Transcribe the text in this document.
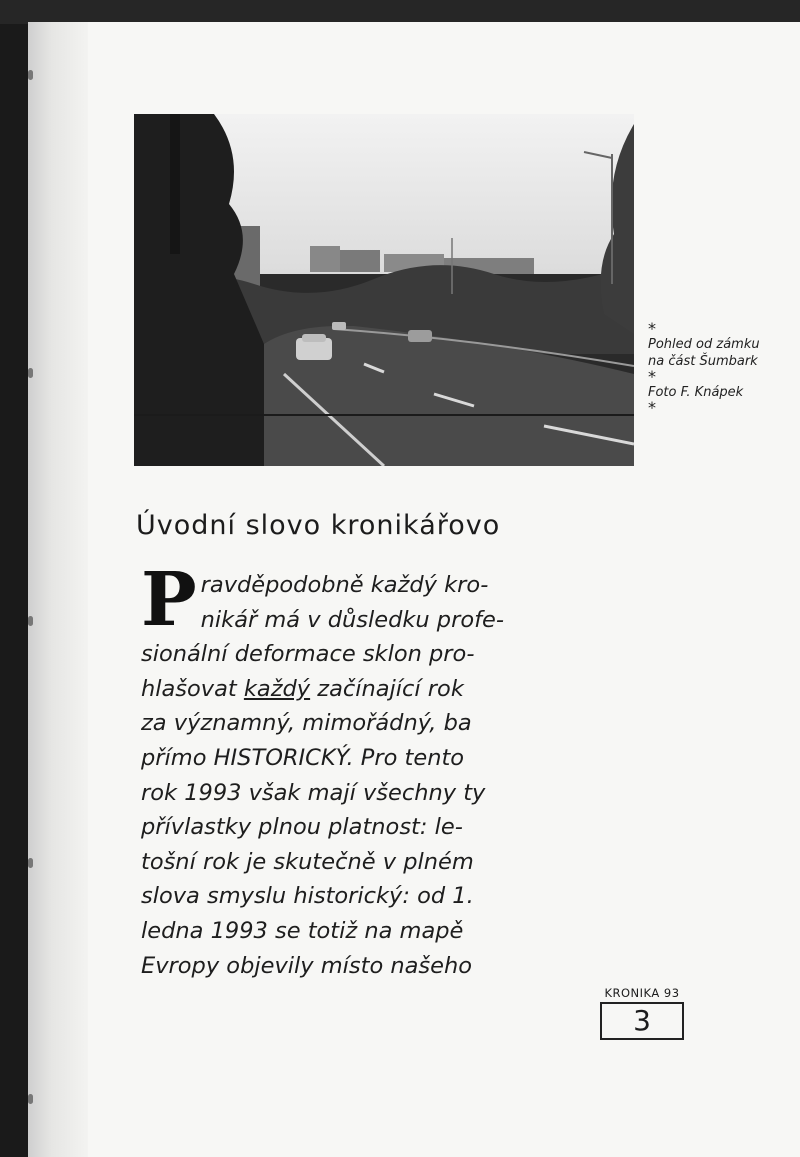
*
Pohled od zámku
na část Šumbark
*
Foto F. Knápek
*
Úvodní slovo kronikářovo
P ravděpodobně každý kro-
nikář má v důsledku profe-
sionální deformace sklon pro-
hlašovat každý začínající rok
za významný, mimořádný, ba
přímo HISTORICKÝ. Pro tento
rok 1993 však mají všechny ty
přívlastky plnou platnost: le-
tošní rok je skutečně v plném
slova smyslu historický: od 1.
ledna 1993 se totiž na mapě
Evropy objevily místo našeho
KRONIKA 93
3
